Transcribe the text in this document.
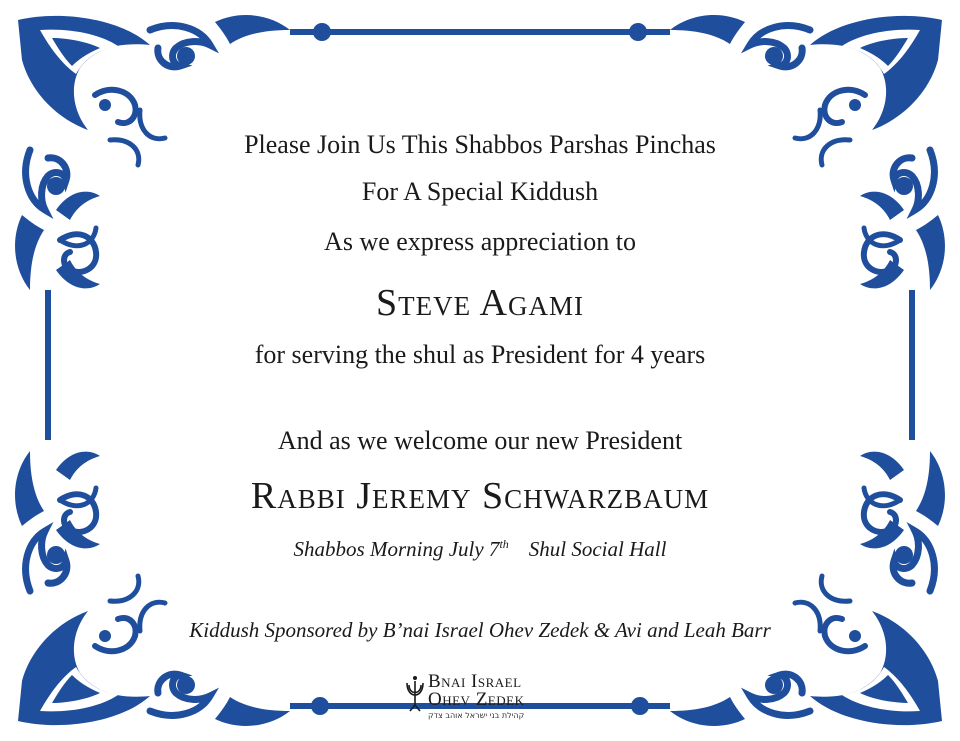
Please Join Us This Shabbos Parshas Pinchas
For A Special Kiddush
As we express appreciation to
Steve Agami
for serving the shul as President for 4 years
And as we welcome our new President
Rabbi Jeremy Schwarzbaum
Shabbos Morning July 7th Shul Social Hall
Kiddush Sponsored by B’nai Israel Ohev Zedek & Avi and Leah Barr
Bnai Israel
Ohev Zedek
קהילת בני ישראל אוהב צדק
